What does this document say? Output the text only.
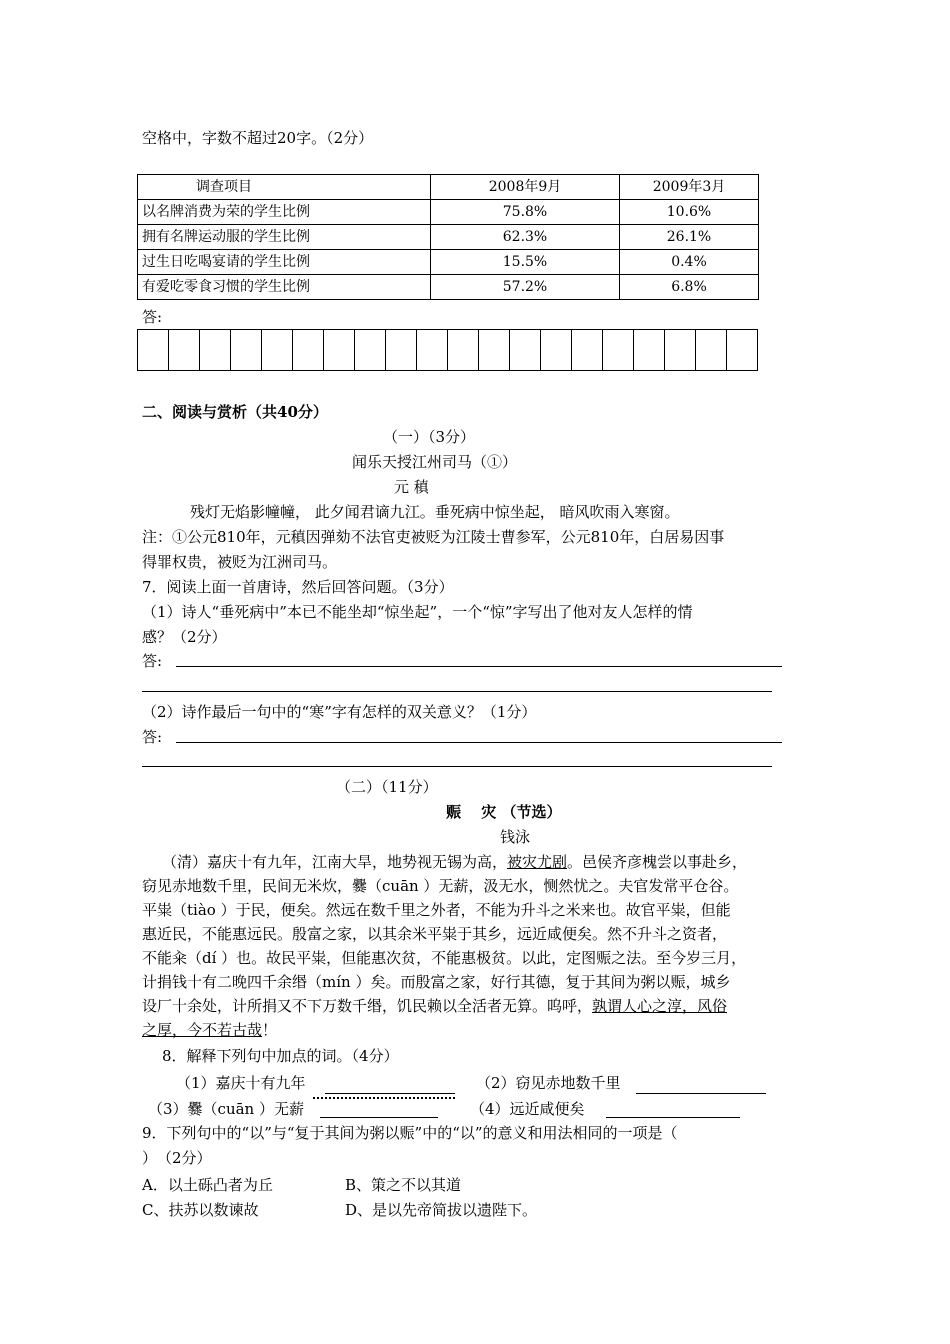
空格中，字数不超过20字。（2分）
调查项目	2008年9月	2009年3月
以名牌消费为荣的学生比例	75.8%	10.6%
拥有名牌运动服的学生比例	62.3%	26.1%
过生日吃喝宴请的学生比例	15.5%	0.4%
有爱吃零食习惯的学生比例	57.2%	6.8%
答:
二、阅读与赏析（共40分）
（一）（3分）
闻乐天授江州司马（①）
元 稹
残灯无焰影幢幢， 此夕闻君谪九江。垂死病中惊坐起， 暗风吹雨入寒窗。
注：①公元810年，元稹因弹劾不法官吏被贬为江陵士曹参军，公元810年，白居易因事
得罪权贵，被贬为江洲司马。
7．阅读上面一首唐诗，然后回答问题。（3分）
（1）诗人“垂死病中”本已不能坐却“惊坐起”，一个“惊”字写出了他对友人怎样的情
感？（2分）
答:
（2）诗作最后一句中的“寒”字有怎样的双关意义？（1分）
答:
（二）（11分）
赈　 灾 （节选）
钱泳
（清）嘉庆十有九年，江南大旱，地势视无锡为高，被灾尤剧。邑侯齐彦槐尝以事赴乡，
窃见赤地数千里，民间无米炊，爨（cuān ）无薪，汲无水，恻然忧之。夫官发常平仓谷。
平粜（tiào ）于民，便矣。然远在数千里之外者，不能为升斗之米来也。故官平粜，但能
惠近民，不能惠远民。殷富之家，以其余米平粜于其乡，远近咸便矣。然不升斗之资者，
不能籴（dí ）也。故民平粜，但能惠次贫，不能惠极贫。以此，定图赈之法。至今岁三月，
计捐钱十有二晚四千余缗（mín ）矣。而殷富之家，好行其德，复于其间为粥以赈，城乡
设厂十余处，计所捐又不下万数千缗，饥民赖以全活者无算。呜呼，孰谓人心之淳，风俗
之厚，今不若古哉！
8．解释下列句中加点的词。（4分）
（1）嘉庆十有九年	（2）窃见赤地数千里
（3）爨（cuān ）无薪	（4）远近咸便矣
9．下列句中的“以”与“复于其间为粥以赈”中的“以”的意义和用法相同的一项是（
）　（2分）
A．以土砾凸者为丘	B、策之不以其道
C、扶苏以数谏故	D、是以先帝简拔以遗陛下。
